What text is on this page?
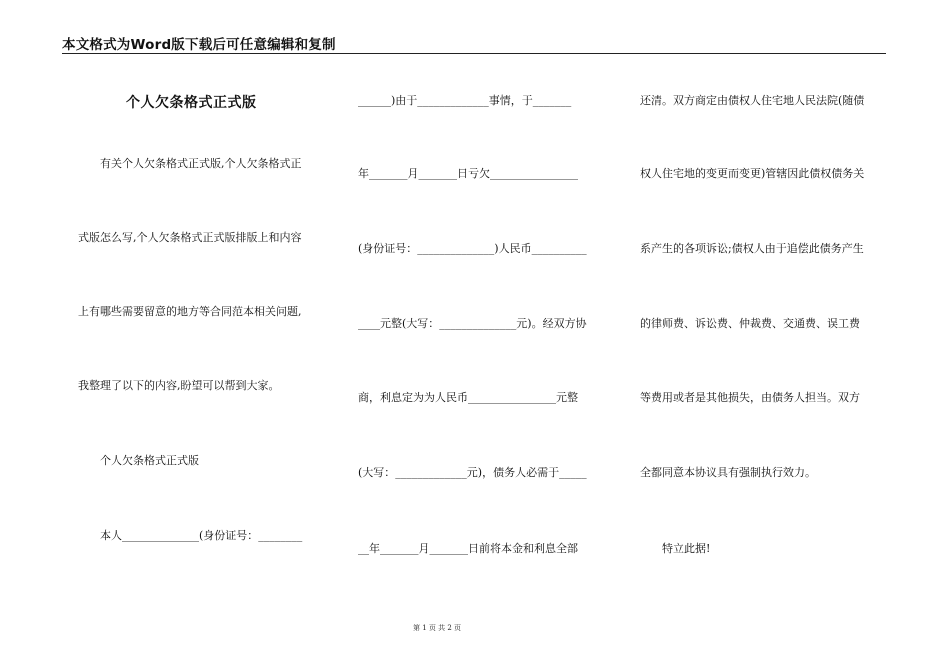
本文格式为Word版下载后可任意编辑和复制
个人欠条格式正式版
有关个人欠条格式正式版,个人欠条格式正
式版怎么写,个人欠条格式正式版排版上和内容
上有哪些需要留意的地方等合同范本相关问题,
我整理了以下的内容,盼望可以帮到大家。
个人欠条格式正式版
本人______________(身份证号：________
______)由于_____________事情，于_______
年_______月_______日亏欠________________
(身份证号：______________)人民币__________
____元整(大写：______________元)。经双方协
商，利息定为为人民币________________元整
(大写：_____________元)，债务人必需于_____
__年_______月_______日前将本金和利息全部
还清。双方商定由债权人住宅地人民法院(随债
权人住宅地的变更而变更)管辖因此债权债务关
系产生的各项诉讼;债权人由于追偿此债务产生
的律师费、诉讼费、仲裁费、交通费、误工费
等费用或者是其他损失，由债务人担当。双方
全都同意本协议具有强制执行效力。
特立此据!
第 1 页 共 2 页
